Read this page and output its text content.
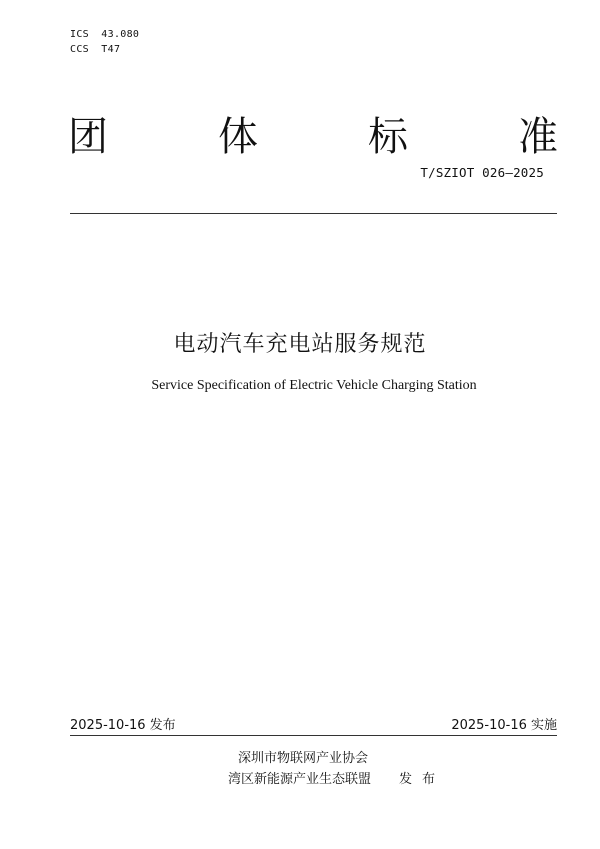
ICS 43.080
CCS T47
团	体	标	准
T/SZIOT 026—2025
电动汽车充电站服务规范
Service Specification of Electric Vehicle Charging Station
2025-10-16 发布	2025-10-16 实施
深圳市物联网产业协会
湾区新能源产业生态联盟 发布
